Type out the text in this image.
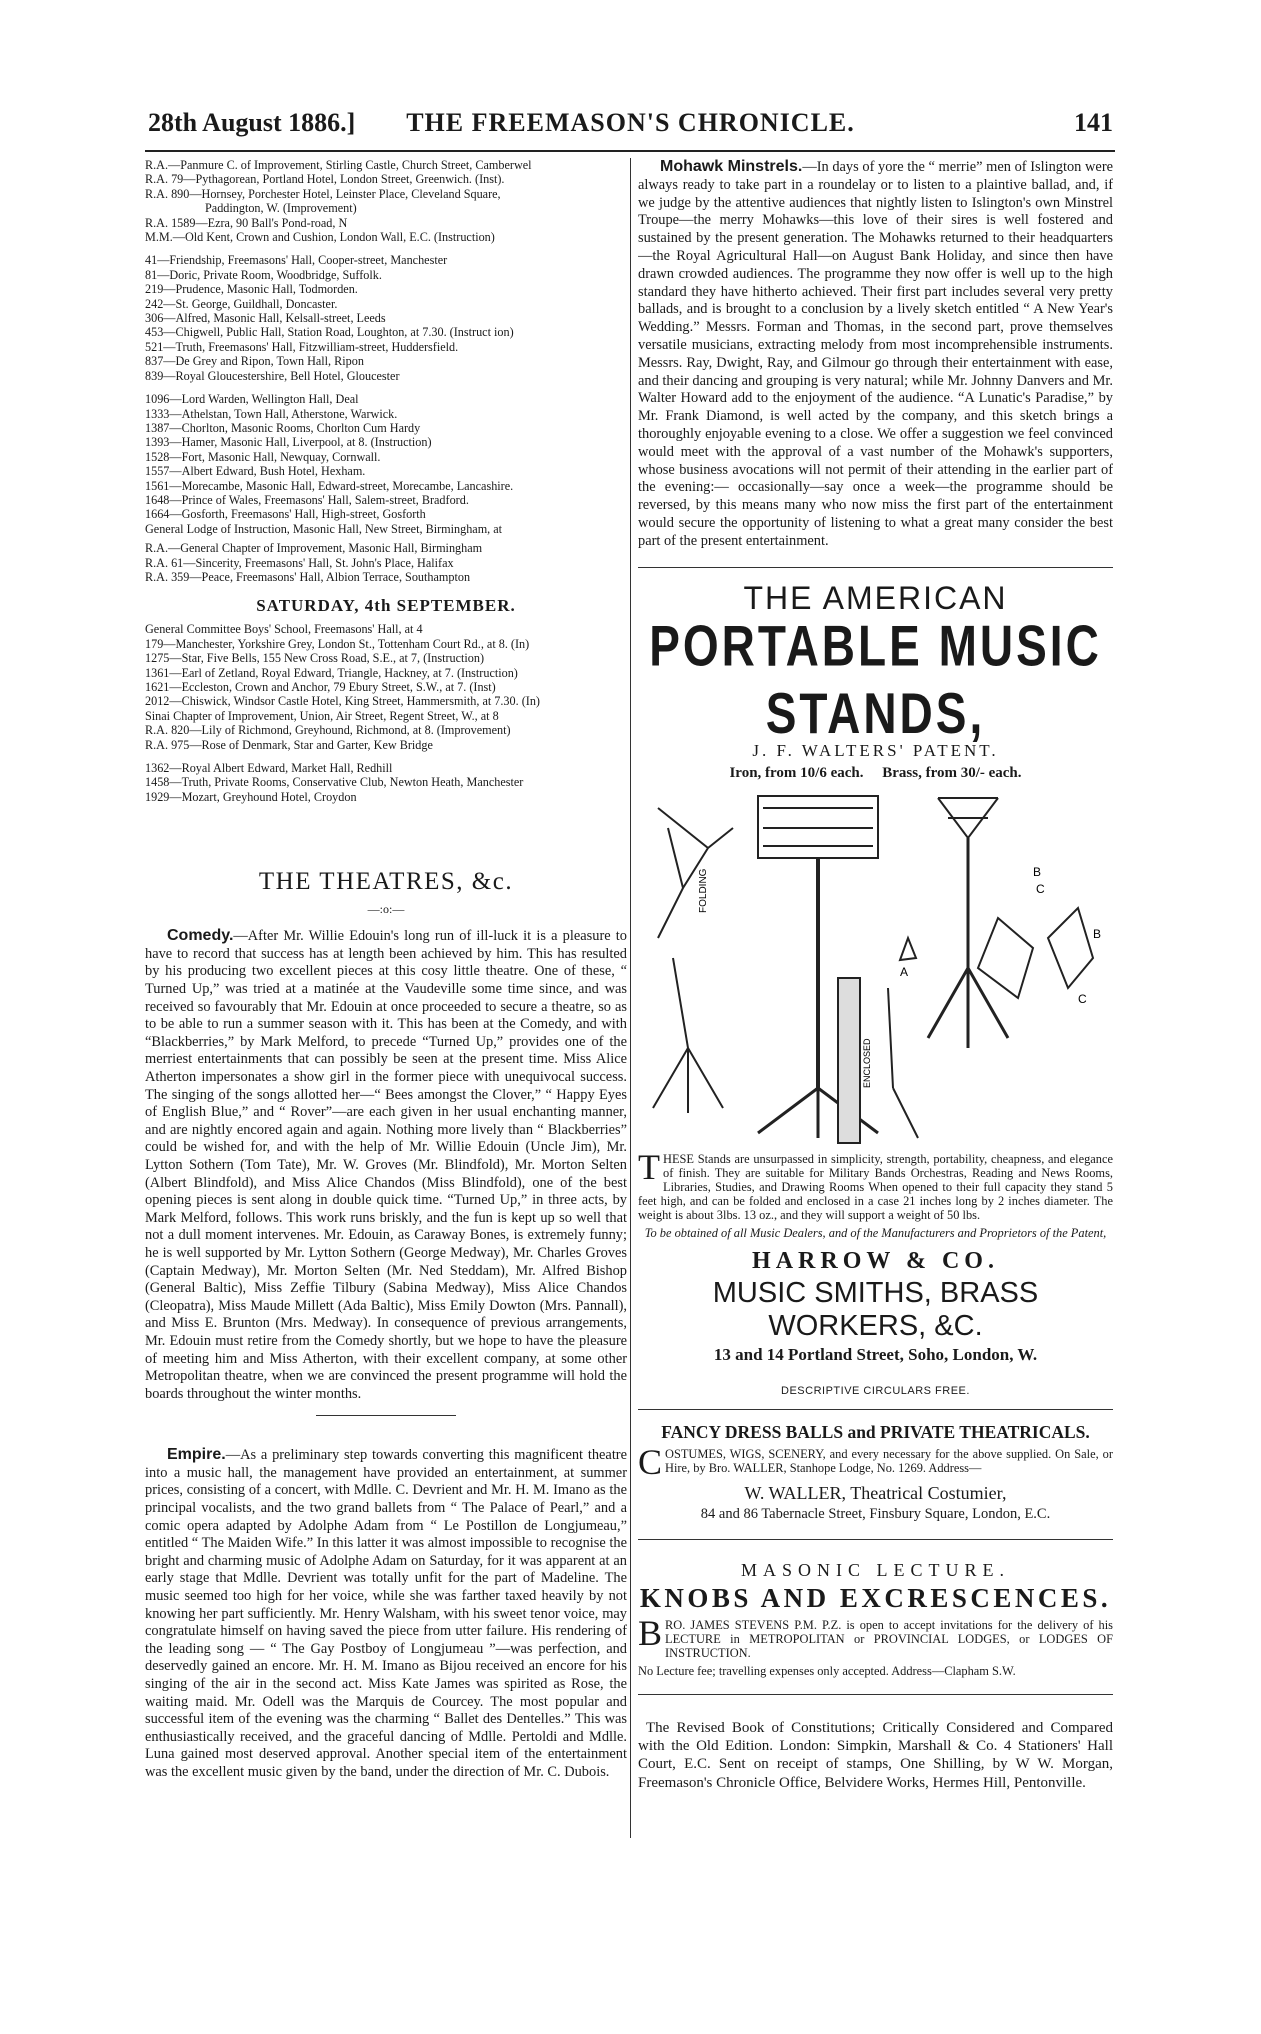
28th August 1886.]	THE FREEMASON'S CHRONICLE.	141
R.A.—Panmure C. of Improvement, Stirling Castle, Church Street, Camberwel
R.A. 79—Pythagorean, Portland Hotel, London Street, Greenwich. (Inst).
R.A. 890—Hornsey, Porchester Hotel, Leinster Place, Cleveland Square,
Paddington, W. (Improvement)
R.A. 1589—Ezra, 90 Ball's Pond-road, N
M.M.—Old Kent, Crown and Cushion, London Wall, E.C. (Instruction)
41—Friendship, Freemasons' Hall, Cooper-street, Manchester
81—Doric, Private Room, Woodbridge, Suffolk.
219—Prudence, Masonic Hall, Todmorden.
242—St. George, Guildhall, Doncaster.
306—Alfred, Masonic Hall, Kelsall-street, Leeds
453—Chigwell, Public Hall, Station Road, Loughton, at 7.30. (Instruct ion)
521—Truth, Freemasons' Hall, Fitzwilliam-street, Huddersfield.
837—De Grey and Ripon, Town Hall, Ripon
839—Royal Gloucestershire, Bell Hotel, Gloucester
1096—Lord Warden, Wellington Hall, Deal
1333—Athelstan, Town Hall, Atherstone, Warwick.
1387—Chorlton, Masonic Rooms, Chorlton Cum Hardy
1393—Hamer, Masonic Hall, Liverpool, at 8. (Instruction)
1528—Fort, Masonic Hall, Newquay, Cornwall.
1557—Albert Edward, Bush Hotel, Hexham.
1561—Morecambe, Masonic Hall, Edward-street, Morecambe, Lancashire.
1648—Prince of Wales, Freemasons' Hall, Salem-street, Bradford.
1664—Gosforth, Freemasons' Hall, High-street, Gosforth
General Lodge of Instruction, Masonic Hall, New Street, Birmingham, at
R.A.—General Chapter of Improvement, Masonic Hall, Birmingham
R.A. 61—Sincerity, Freemasons' Hall, St. John's Place, Halifax
R.A. 359—Peace, Freemasons' Hall, Albion Terrace, Southampton
SATURDAY, 4th SEPTEMBER.
General Committee Boys' School, Freemasons' Hall, at 4
179—Manchester, Yorkshire Grey, London St., Tottenham Court Rd., at 8. (In)
1275—Star, Five Bells, 155 New Cross Road, S.E., at 7, (Instruction)
1361—Earl of Zetland, Royal Edward, Triangle, Hackney, at 7. (Instruction)
1621—Eccleston, Crown and Anchor, 79 Ebury Street, S.W., at 7. (Inst)
2012—Chiswick, Windsor Castle Hotel, King Street, Hammersmith, at 7.30. (In)
Sinai Chapter of Improvement, Union, Air Street, Regent Street, W., at 8
R.A. 820—Lily of Richmond, Greyhound, Richmond, at 8. (Improvement)
R.A. 975—Rose of Denmark, Star and Garter, Kew Bridge
1362—Royal Albert Edward, Market Hall, Redhill
1458—Truth, Private Rooms, Conservative Club, Newton Heath, Manchester
1929—Mozart, Greyhound Hotel, Croydon
THE THEATRES, &c.
—:o:—

Comedy.—After Mr. Willie Edouin's long run of ill-luck it is a pleasure to have to record that success has at length been achieved by him. This has resulted by his producing two excellent pieces at this cosy little theatre. One of these, “ Turned Up,” was tried at a matinée at the Vaudeville some time since, and was received so favourably that Mr. Edouin at once proceeded to secure a theatre, so as to be able to run a summer season with it. This has been at the Comedy, and with “Blackberries,” by Mark Melford, to precede “Turned Up,” provides one of the merriest entertainments that can possibly be seen at the present time. Miss Alice Atherton impersonates a show girl in the former piece with unequivocal success. The singing of the songs allotted her—“ Bees amongst the Clover,” “ Happy Eyes of English Blue,” and “ Rover”—are each given in her usual enchanting manner, and are nightly encored again and again. Nothing more lively than “ Blackberries” could be wished for, and with the help of Mr. Willie Edouin (Uncle Jim), Mr. Lytton Sothern (Tom Tate), Mr. W. Groves (Mr. Blindfold), Mr. Morton Selten (Albert Blindfold), and Miss Alice Chandos (Miss Blindfold), one of the best opening pieces is sent along in double quick time. “Turned Up,” in three acts, by Mark Melford, follows. This work runs briskly, and the fun is kept up so well that not a dull moment intervenes. Mr. Edouin, as Caraway Bones, is extremely funny; he is well supported by Mr. Lytton Sothern (George Medway), Mr. Charles Groves (Captain Medway), Mr. Morton Selten (Mr. Ned Steddam), Mr. Alfred Bishop (General Baltic), Miss Zeffie Tilbury (Sabina Medway), Miss Alice Chandos (Cleopatra), Miss Maude Millett (Ada Baltic), Miss Emily Dowton (Mrs. Pannall), and Miss E. Brunton (Mrs. Medway). In consequence of previous arrangements, Mr. Edouin must retire from the Comedy shortly, but we hope to have the pleasure of meeting him and Miss Atherton, with their excellent company, at some other Metropolitan theatre, when we are convinced the present programme will hold the boards throughout the winter months.

Empire.—As a preliminary step towards converting this magnificent theatre into a music hall, the management have provided an entertainment, at summer prices, consisting of a concert, with Mdlle. C. Devrient and Mr. H. M. Imano as the principal vocalists, and the two grand ballets from “ The Palace of Pearl,” and a comic opera adapted by Adolphe Adam from “ Le Postillon de Longjumeau,” entitled “ The Maiden Wife.” In this latter it was almost impossible to recognise the bright and charming music of Adolphe Adam on Saturday, for it was apparent at an early stage that Mdlle. Devrient was totally unfit for the part of Madeline. The music seemed too high for her voice, while she was farther taxed heavily by not knowing her part sufficiently. Mr. Henry Walsham, with his sweet tenor voice, may congratulate himself on having saved the piece from utter failure. His rendering of the leading song — “ The Gay Postboy of Longjumeau ”—was perfection, and deservedly gained an encore. Mr. H. M. Imano as Bijou received an encore for his singing of the air in the second act. Miss Kate James was spirited as Rose, the waiting maid. Mr. Odell was the Marquis de Courcey. The most popular and successful item of the evening was the charming “ Ballet des Dentelles.” This was enthusiastically received, and the graceful dancing of Mdlle. Pertoldi and Mdlle. Luna gained most deserved approval. Another special item of the entertainment was the excellent music given by the band, under the direction of Mr. C. Dubois.

Mohawk Minstrels.—In days of yore the “ merrie” men of Islington were always ready to take part in a roundelay or to listen to a plaintive ballad, and, if we judge by the attentive audiences that nightly listen to Islington's own Minstrel Troupe—the merry Mohawks—this love of their sires is well fostered and sustained by the present generation. The Mohawks returned to their headquarters —the Royal Agricultural Hall—on August Bank Holiday, and since then have drawn crowded audiences. The programme they now offer is well up to the high standard they have hitherto achieved. Their first part includes several very pretty ballads, and is brought to a conclusion by a lively sketch entitled “ A New Year's Wedding.” Messrs. Forman and Thomas, in the second part, prove themselves versatile musicians, extracting melody from most incomprehensible instruments. Messrs. Ray, Dwight, Ray, and Gilmour go through their entertainment with ease, and their dancing and grouping is very natural; while Mr. Johnny Danvers and Mr. Walter Howard add to the enjoyment of the audience. “A Lunatic's Paradise,” by Mr. Frank Diamond, is well acted by the company, and this sketch brings a thoroughly enjoyable evening to a close. We offer a suggestion we feel convinced would meet with the approval of a vast number of the Mohawk's supporters, whose business avocations will not permit of their attending in the earlier part of the evening:— occasionally—say once a week—the programme should be reversed, by this means many who now miss the first part of the entertainment would secure the opportunity of listening to what a great many consider the best part of the present entertainment.

THE AMERICAN
PORTABLE MUSIC STANDS,
J. F. WALTERS' PATENT.
Iron, from 10/6 each.     Brass, from 30/- each.
FOLDING	B
C
A
B
C
ENCLOSED

THESE Stands are unsurpassed in simplicity, strength, portability, cheapness, and elegance of finish. They are suitable for Military Bands Orchestras, Reading and News Rooms, Libraries, Studies, and Drawing Rooms When opened to their full capacity they stand 5 feet high, and can be folded and enclosed in a case 21 inches long by 2 inches diameter. The weight is about 3lbs. 13 oz., and they will support a weight of 50 lbs.

To be obtained of all Music Dealers, and of the Manufacturers and Proprietors of the Patent,
HARROW & CO.
MUSIC SMITHS, BRASS WORKERS, &C.
13 and 14 Portland Street, Soho, London, W.
DESCRIPTIVE CIRCULARS FREE.
FANCY DRESS BALLS and PRIVATE THEATRICALS.

COSTUMES, WIGS, SCENERY, and every necessary for the above supplied. On Sale, or Hire, by Bro. WALLER, Stanhope Lodge, No. 1269. Address—

W. WALLER, Theatrical Costumier,
84 and 86 Tabernacle Street, Finsbury Square, London, E.C.
MASONIC LECTURE.
KNOBS AND EXCRESCENCES.

BRO. JAMES STEVENS P.M. P.Z. is open to accept invitations for the delivery of his LECTURE in METROPOLITAN or PROVINCIAL LODGES, or LODGES OF INSTRUCTION.

No Lecture fee; travelling expenses only accepted. Address—Clapham S.W.

The Revised Book of Constitutions; Critically Considered and Compared with the Old Edition. London: Simpkin, Marshall & Co. 4 Stationers' Hall Court, E.C. Sent on receipt of stamps, One Shilling, by W W. Morgan, Freemason's Chronicle Office, Belvidere Works, Hermes Hill, Pentonville.
